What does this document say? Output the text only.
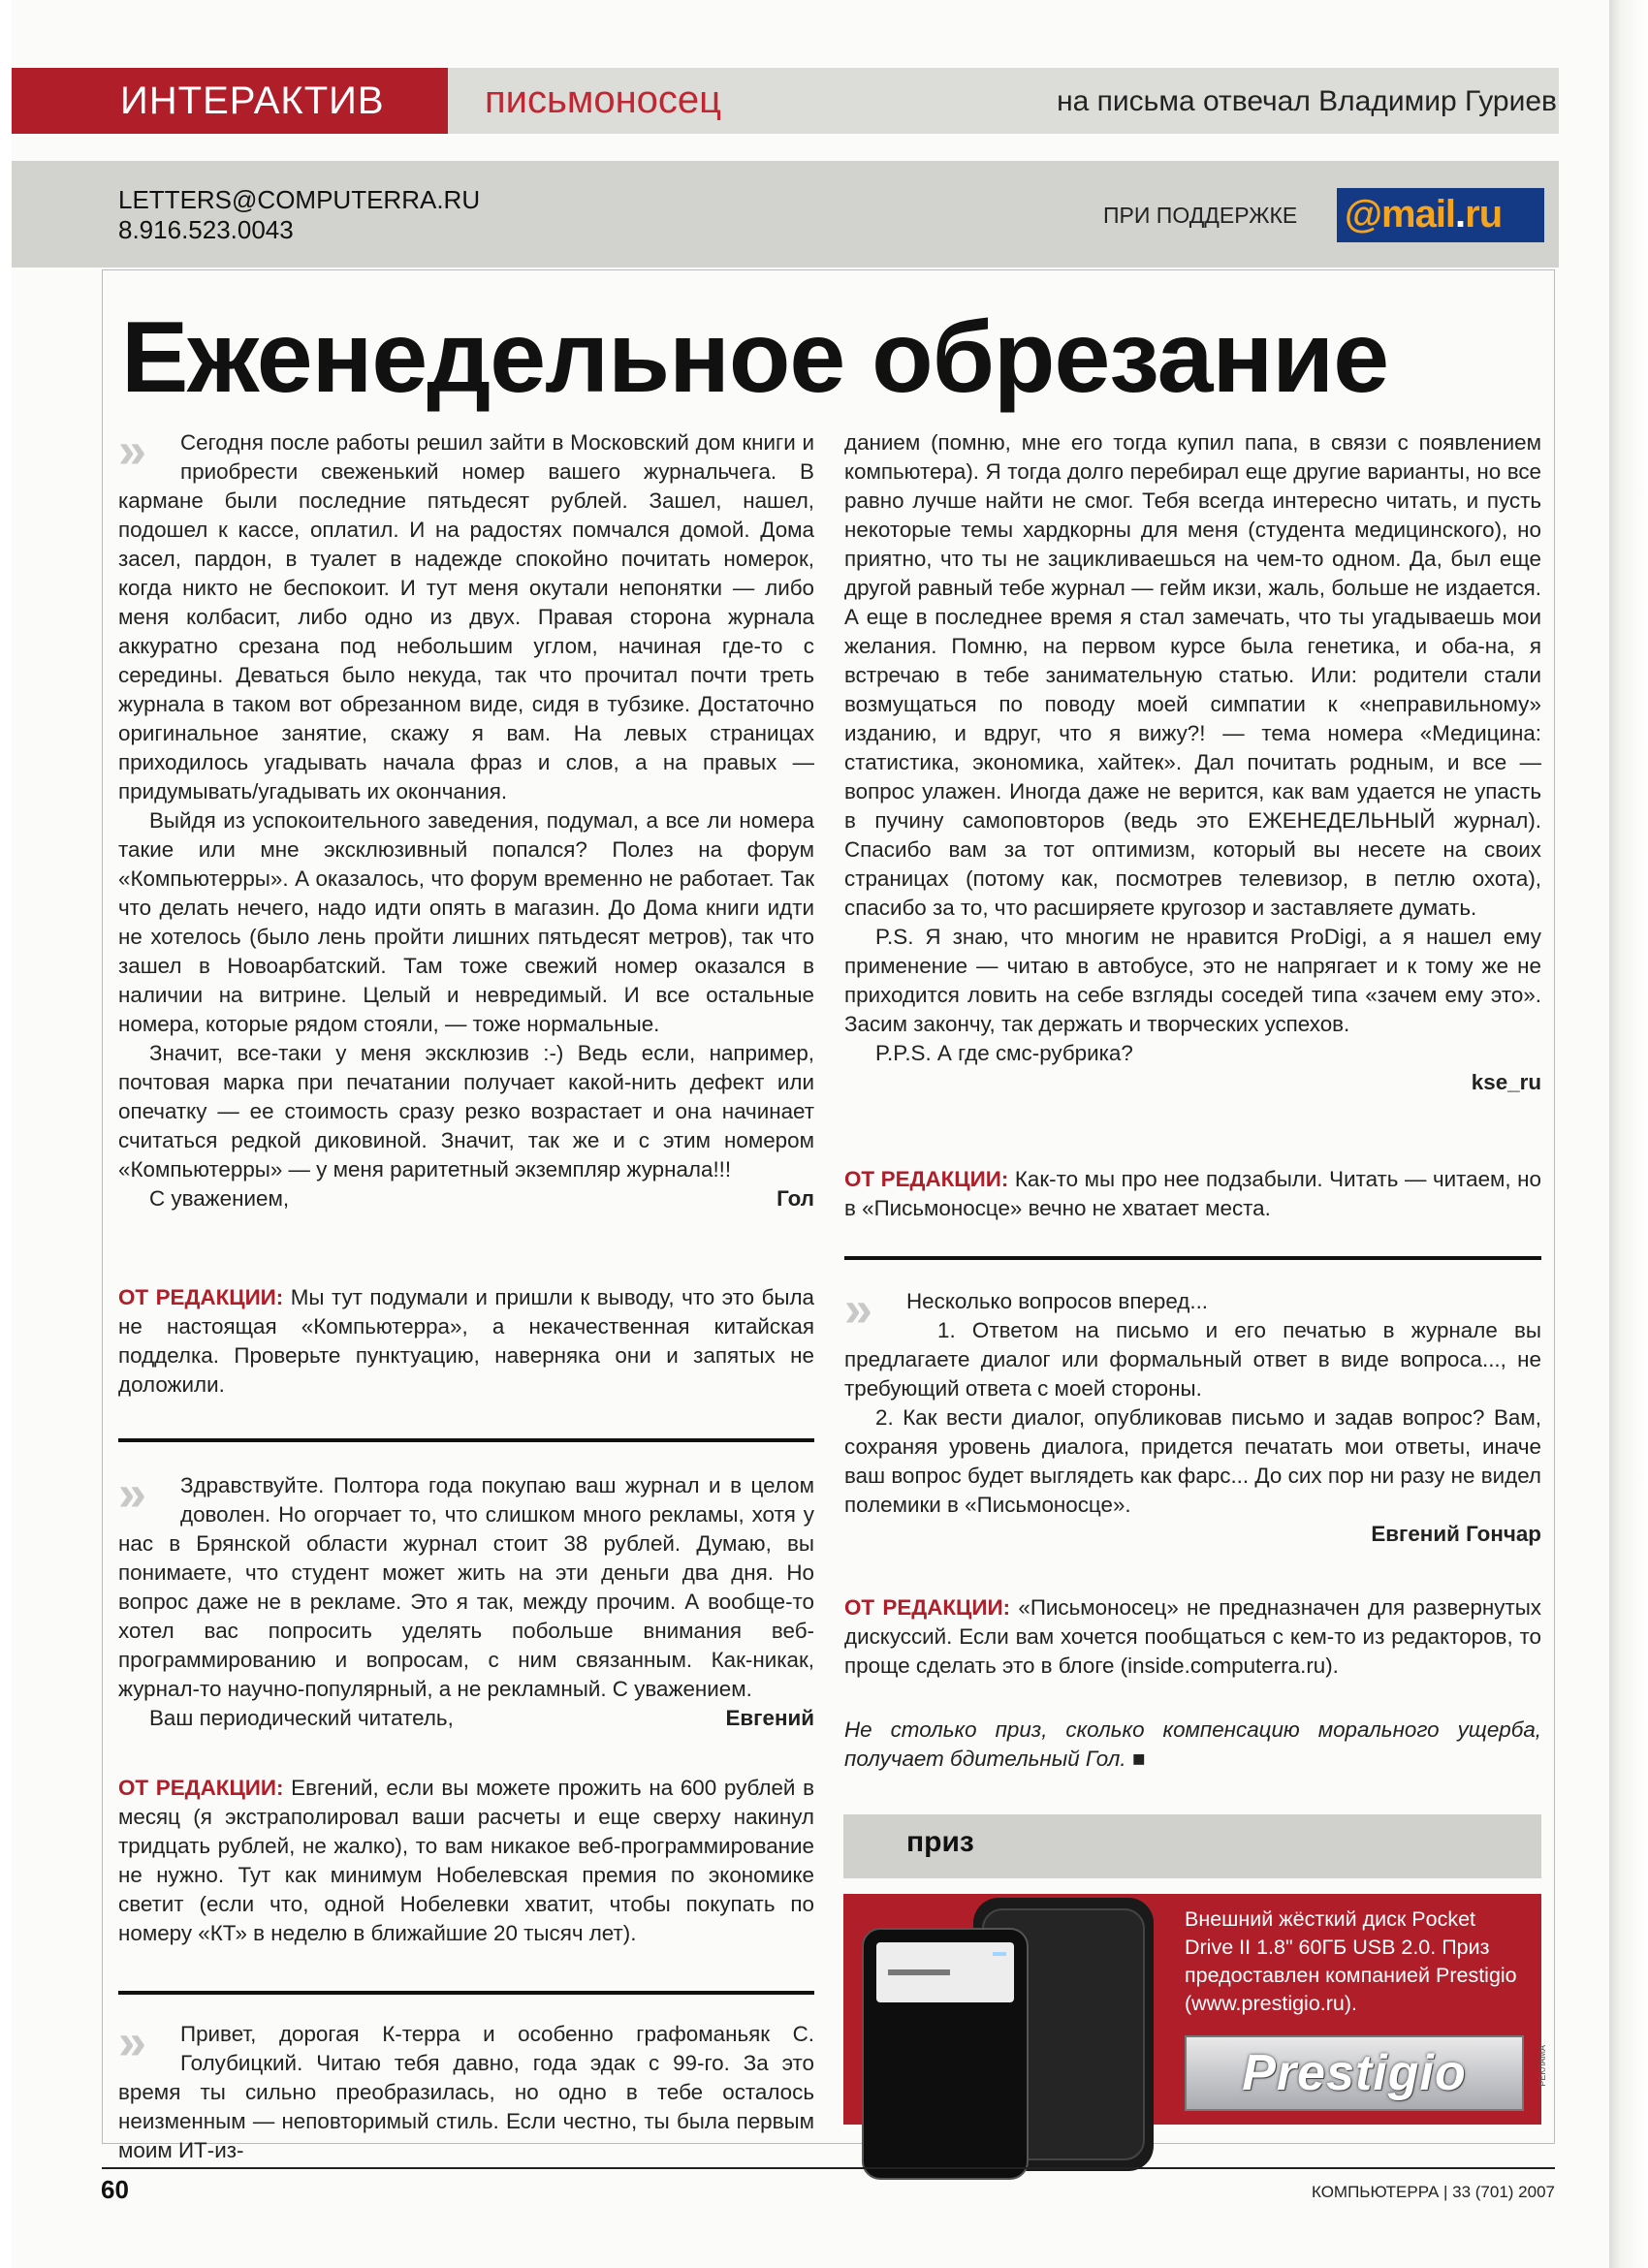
ИНТЕРАКТИВ	письмоносец	на письма отвечал Владимир Гуриев
LETTERS@COMPUTERRA.RU
8.916.523.0043	ПРИ ПОДДЕРЖКЕ @mail.ru
Еженедельное обрезание

»	Сегодня после работы решил зайти в Московский дом книги и приобрести свеженький номер вашего журнальчега. В кармане были последние пятьдесят рублей. Зашел, нашел, подошел к кассе, оплатил. И на радостях помчался домой. Дома засел, пардон, в туалет в надежде спокойно почитать номерок, когда никто не беспокоит. И тут меня окутали непонятки — либо меня колбасит, либо одно из двух. Правая сторона журнала аккуратно срезана под небольшим углом, начиная где-то с середины. Деваться было некуда, так что прочитал почти треть журнала в таком вот обрезанном виде, сидя в тубзике. Достаточно оригинальное занятие, скажу я вам. На левых страницах приходилось угадывать начала фраз и слов, а на правых — придумывать/угадывать их окончания.

Выйдя из успокоительного заведения, подумал, а все ли номера такие или мне эксклюзивный попался? Полез на форум «Компьютерры». А оказалось, что форум временно не работает. Так что делать нечего, надо идти опять в магазин. До Дома книги идти не хотелось (было лень пройти лишних пятьдесят метров), так что зашел в Новоарбатский. Там тоже свежий номер оказался в наличии на витрине. Целый и невредимый. И все остальные номера, которые рядом стояли, — тоже нормальные.

Значит, все-таки у меня эксклюзив :-) Ведь если, например, почтовая марка при печатании получает какой-нить дефект или опечатку — ее стоимость сразу резко возрастает и она начинает считаться редкой диковиной. Значит, так же и с этим номером «Компьютерры» — у меня раритетный экземпляр журнала!!!

С уважением,	Гол

ОТ РЕДАКЦИИ: Мы тут подумали и пришли к выводу, что это была не настоящая «Компьютерра», а некачественная китайская подделка. Проверьте пунктуацию, наверняка они и запятых не доложили.

»	Здравствуйте. Полтора года покупаю ваш журнал и в целом доволен. Но огорчает то, что слишком много рекламы, хотя у нас в Брянской области журнал стоит 38 рублей. Думаю, вы понимаете, что студент может жить на эти деньги два дня. Но вопрос даже не в рекламе. Это я так, между прочим. А вообще-то хотел вас попросить уделять побольше внимания веб-программированию и вопросам, с ним связанным. Как-никак, журнал-то научно-популярный, а не рекламный. С уважением.

Ваш периодический читатель,	Евгений

ОТ РЕДАКЦИИ: Евгений, если вы можете прожить на 600 рублей в месяц (я экстраполировал ваши расчеты и еще сверху накинул тридцать рублей, не жалко), то вам никакое веб-программирование не нужно. Тут как минимум Нобелевская премия по экономике светит (если что, одной Нобелевки хватит, чтобы покупать по номеру «КТ» в неделю в ближайшие 20 тысяч лет).

»	Привет, дорогая К-терра и особенно графоманьяк С. Голубицкий. Читаю тебя давно, года эдак с 99-го. За это время ты сильно преобразилась, но одно в тебе осталось неизменным — неповторимый стиль. Если честно, ты была первым моим ИТ-из-

данием (помню, мне его тогда купил папа, в связи с появлением компьютера). Я тогда долго перебирал еще другие варианты, но все равно лучше найти не смог. Тебя всегда интересно читать, и пусть некоторые темы хардкорны для меня (студента медицинского), но приятно, что ты не зацикливаешься на чем-то одном. Да, был еще другой равный тебе журнал — гейм икзи, жаль, больше не издается. А еще в последнее время я стал замечать, что ты угадываешь мои желания. Помню, на первом курсе была генетика, и оба-на, я встречаю в тебе занимательную статью. Или: родители стали возмущаться по поводу моей симпатии к «неправильному» изданию, и вдруг, что я вижу?! — тема номера «Медицина: статистика, экономика, хайтек». Дал почитать родным, и все — вопрос улажен. Иногда даже не верится, как вам удается не упасть в пучину самоповторов (ведь это ЕЖЕНЕДЕЛЬНЫЙ журнал). Спасибо вам за тот оптимизм, который вы несете на своих страницах (потому как, посмотрев телевизор, в петлю охота), спасибо за то, что расширяете кругозор и заставляете думать.

P.S. Я знаю, что многим не нравится ProDigi, а я нашел ему применение — читаю в автобусе, это не напрягает и к тому же не приходится ловить на себе взгляды соседей типа «зачем ему это». Засим закончу, так держать и творческих успехов.

P.P.S. А где смс-рубрика?

kse_ru

ОТ РЕДАКЦИИ: Как-то мы про нее подзабыли. Читать — читаем, но в «Письмоносце» вечно не хватает места.

»	Несколько вопросов вперед...

1. Ответом на письмо и его печатью в журнале вы предлагаете диалог или формальный ответ в виде вопроса..., не требующий ответа с моей стороны.

2. Как вести диалог, опубликовав письмо и задав вопрос? Вам, сохраняя уровень диалога, придется печатать мои ответы, иначе ваш вопрос будет выглядеть как фарс... До сих пор ни разу не видел полемики в «Письмоносце».

Евгений Гончар

ОТ РЕДАКЦИИ: «Письмоносец» не предназначен для развернутых дискуссий. Если вам хочется пообщаться с кем-то из редакторов, то проще сделать это в блоге (inside.computerra.ru).

Не столько приз, сколько компенсацию морального ущерба, получает бдительный Гол. ■
приз
Внешний жёсткий диск Pocket Drive II 1.8" 60ГБ USB 2.0. Приз предоставлен компанией Prestigio (www.prestigio.ru).
Prestigio	РЕКЛАМА
60	КОМПЬЮТЕРРА | 33 (701) 2007
